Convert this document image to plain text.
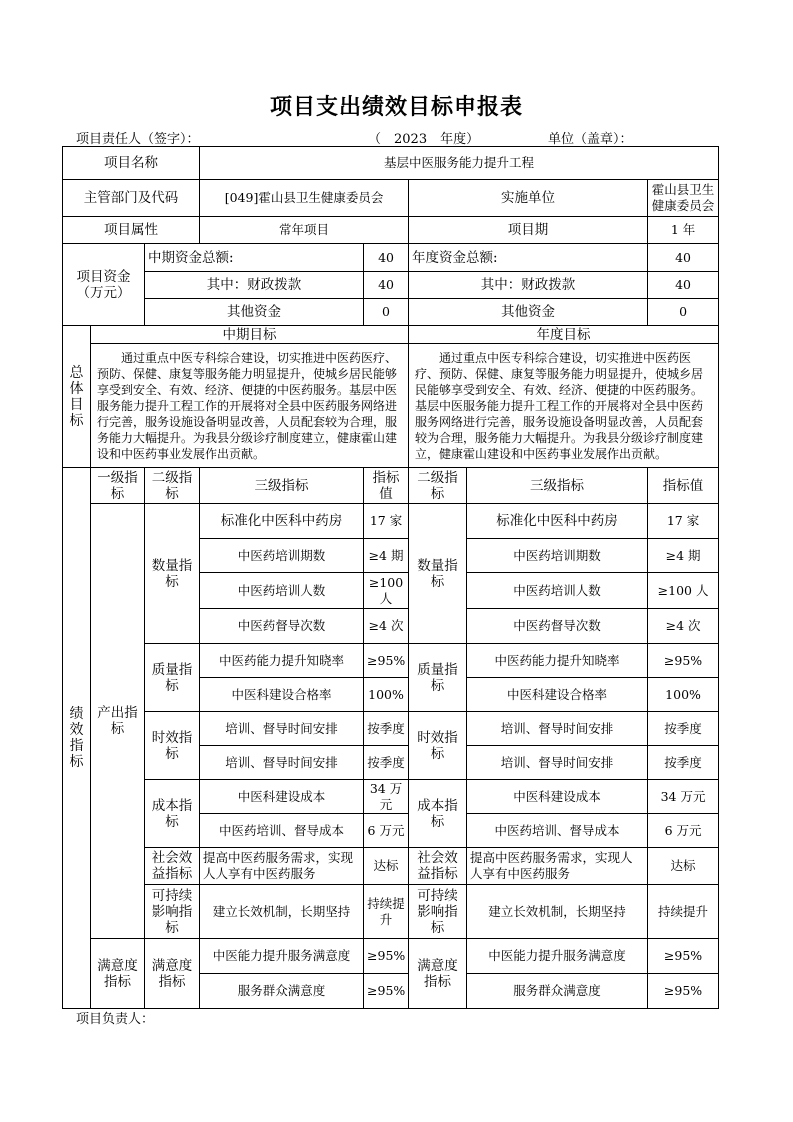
项目支出绩效目标申报表
项目责任人（签字）：	（　2023　年度）	单位（盖章）：
项目名称			基层中医服务能力提升工程				
主管部门及代码			[049]霍山县卫生健康委员会		实施单位		霍山县卫生健康委员会
项目属性			常年项目		项目期		1 年
项目资金（万元）		中期资金总额:		40	年度资金总额:		40
		其中：财政拨款		40	其中：财政拨款		40
		其他资金		0	其他资金		0
总体目标	中期目标				年度目标		
	通过重点中医专科综合建设，切实推进中医药医疗、预防、保健、康复等服务能力明显提升，使城乡居民能够享受到安全、有效、经济、便捷的中医药服务。基层中医服务能力提升工程工作的开展将对全县中医药服务网络进行完善，服务设施设备明显改善，人员配套较为合理，服务能力大幅提升。为我县分级诊疗制度建立，健康霍山建设和中医药事业发展作出贡献。				通过重点中医专科综合建设，切实推进中医药医疗、预防、保健、康复等服务能力明显提升，使城乡居民能够享受到安全、有效、经济、便捷的中医药服务。基层中医服务能力提升工程工作的开展将对全县中医药服务网络进行完善，服务设施设备明显改善，人员配套较为合理，服务能力大幅提升。为我县分级诊疗制度建立，健康霍山建设和中医药事业发展作出贡献。		
绩效指标	一级指标	二级指标	三级指标	指标值	二级指标	三级指标	指标值
	产出指标	数量指标	标准化中医科中药房	17 家	数量指标	标准化中医科中药房	17 家
			中医药培训期数	≥4 期		中医药培训期数	≥4 期
			中医药培训人数	≥100 人		中医药培训人数	≥100 人
			中医药督导次数	≥4 次		中医药督导次数	≥4 次
		质量指标	中医药能力提升知晓率	≥95%	质量指标	中医药能力提升知晓率	≥95%
			中医科建设合格率	100%		中医科建设合格率	100%
		时效指标	培训、督导时间安排	按季度	时效指标	培训、督导时间安排	按季度
			培训、督导时间安排	按季度		培训、督导时间安排	按季度
		成本指标	中医科建设成本	34 万元	成本指标	中医科建设成本	34 万元
			中医药培训、督导成本	6 万元		中医药培训、督导成本	6 万元
		社会效益指标	提高中医药服务需求，实现人人享有中医药服务	达标	社会效益指标	提高中医药服务需求，实现人人享有中医药服务	达标
		可持续影响指标	建立长效机制，长期坚持	持续提升	可持续影响指标	建立长效机制，长期坚持	持续提升
	满意度指标	满意度指标	中医能力提升服务满意度	≥95%	满意度指标	中医能力提升服务满意度	≥95%
			服务群众满意度	≥95%		服务群众满意度	≥95%
项目负责人：
